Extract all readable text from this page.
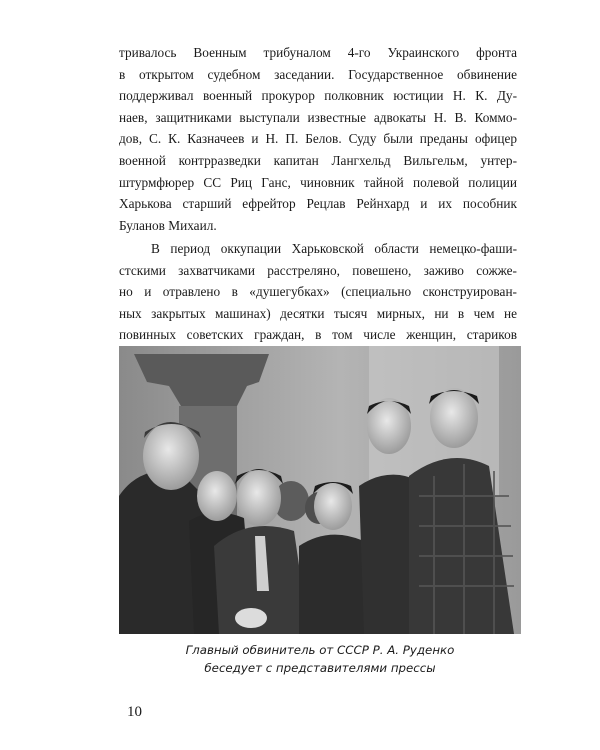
тривалось Военным трибуналом 4-го Украинского фронта
в открытом судебном заседании. Государственное обвинение
поддерживал военный прокурор полковник юстиции Н. К. Ду-
наев, защитниками выступали известные адвокаты Н. В. Коммо-
дов, С. К. Казначеев и Н. П. Белов. Суду были преданы офицер
военной контрразведки капитан Лангхельд Вильгельм, унтер-
штурмфюрер СС Риц Ганс, чиновник тайной полевой полиции
Харькова старший ефрейтор Рецлав Рейнхард и их пособник
Буланов Михаил.
В период оккупации Харьковской области немецко-фаши-
стскими захватчиками расстреляно, повешено, заживо сожже-
но и отравлено в «душегубках» (специально сконструирован-
ных закрытых машинах) десятки тысяч мирных, ни в чем не
повинных советских граждан, в том числе женщин, стариков
Главный обвинитель от СССР Р. А. Руденко
беседует с представителями прессы
10
